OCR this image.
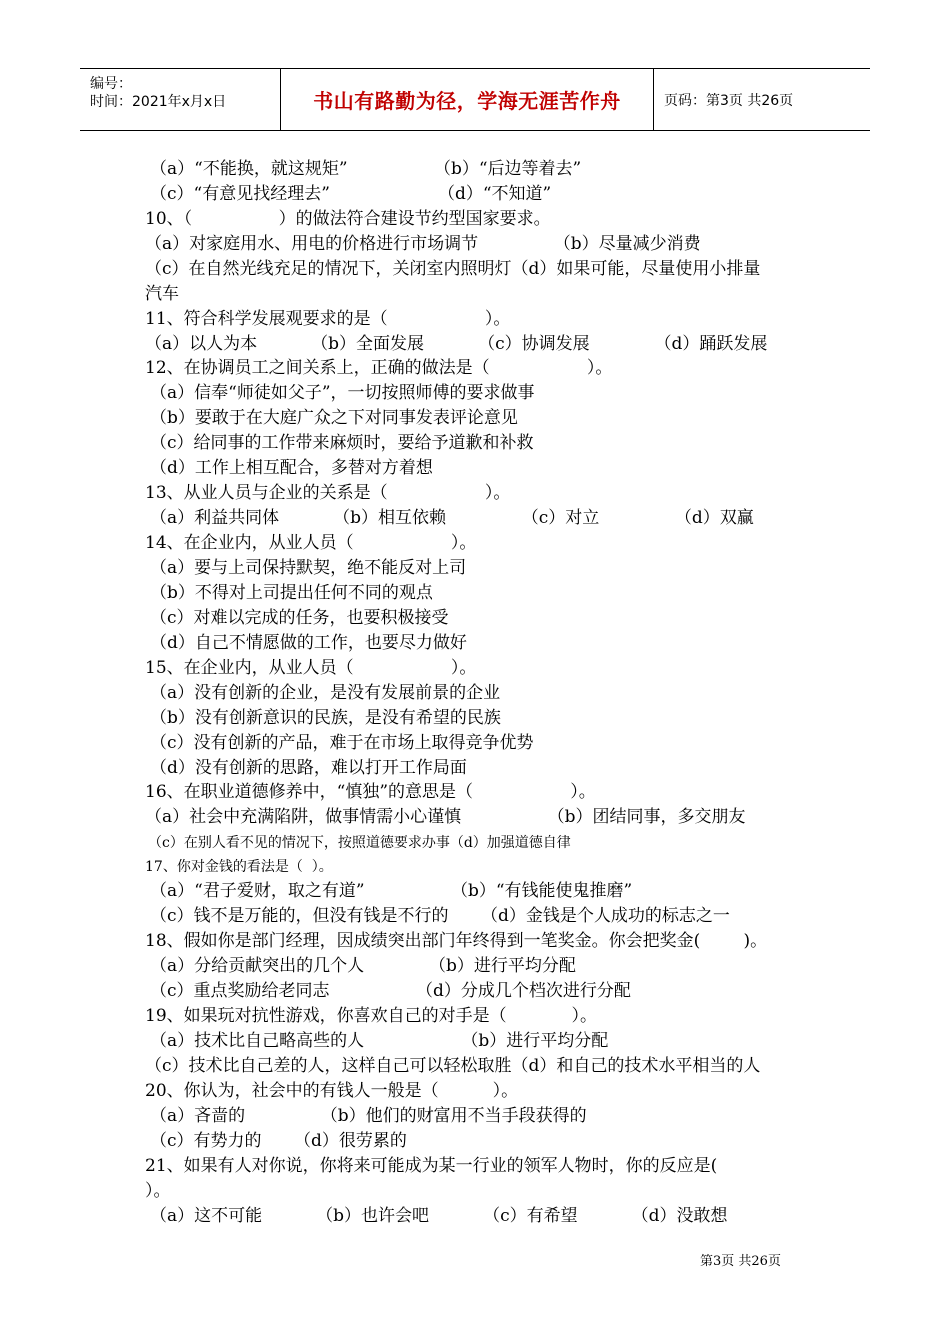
编号：
时间：2021年x月x日	书山有路勤为径，学海无涯苦作舟	页码：第3页 共26页
（a）“不能换，就这规矩”                （b）“后边等着去”
（c）“有意见找经理去”                    （d）“不知道”
10、（                ）的做法符合建设节约型国家要求。
（a）对家庭用水、用电的价格进行市场调节              （b）尽量减少消费
（c）在自然光线充足的情况下，关闭室内照明灯（d）如果可能，尽量使用小排量
汽车
11、符合科学发展观要求的是（                  ）。
（a）以人为本          （b）全面发展          （c）协调发展            （d）踊跃发展
12、在协调员工之间关系上，正确的做法是（                  ）。
（a）信奉“师徒如父子”，一切按照师傅的要求做事
（b）要敢于在大庭广众之下对同事发表评论意见
（c）给同事的工作带来麻烦时，要给予道歉和补救
（d）工作上相互配合，多替对方着想
13、从业人员与企业的关系是（                  ）。
（a）利益共同体          （b）相互依赖              （c）对立              （d）双赢
14、在企业内，从业人员（                  ）。
（a）要与上司保持默契，绝不能反对上司
（b）不得对上司提出任何不同的观点
（c）对难以完成的任务，也要积极接受
（d）自己不情愿做的工作，也要尽力做好
15、在企业内，从业人员（                  ）。
（a）没有创新的企业，是没有发展前景的企业
（b）没有创新意识的民族，是没有希望的民族
（c）没有创新的产品，难于在市场上取得竞争优势
（d）没有创新的思路，难以打开工作局面
16、在职业道德修养中，“慎独”的意思是（                  ）。
（a）社会中充满陷阱，做事情需小心谨慎                （b）团结同事，多交朋友
（c）在别人看不见的情况下，按照道德要求办事（d）加强道德自律
17、你对金钱的看法是（  ）。
（a）“君子爱财，取之有道”                （b）“有钱能使鬼推磨”
（c）钱不是万能的，但没有钱是不行的      （d）金钱是个人成功的标志之一
18、假如你是部门经理，因成绩突出部门年终得到一笔奖金。你会把奖金(        )。
（a）分给贡献突出的几个人            （b）进行平均分配
（c）重点奖励给老同志                （d）分成几个档次进行分配
19、如果玩对抗性游戏，你喜欢自己的对手是（            ）。
（a）技术比自己略高些的人                  （b）进行平均分配
（c）技术比自己差的人，这样自己可以轻松取胜（d）和自己的技术水平相当的人
20、你认为，社会中的有钱人一般是（          ）。
（a）吝啬的              （b）他们的财富用不当手段获得的
（c）有势力的      （d）很劳累的
21、如果有人对你说，你将来可能成为某一行业的领军人物时，你的反应是(
）。
（a）这不可能          （b）也许会吧          （c）有希望          （d）没敢想
第3页 共26页
